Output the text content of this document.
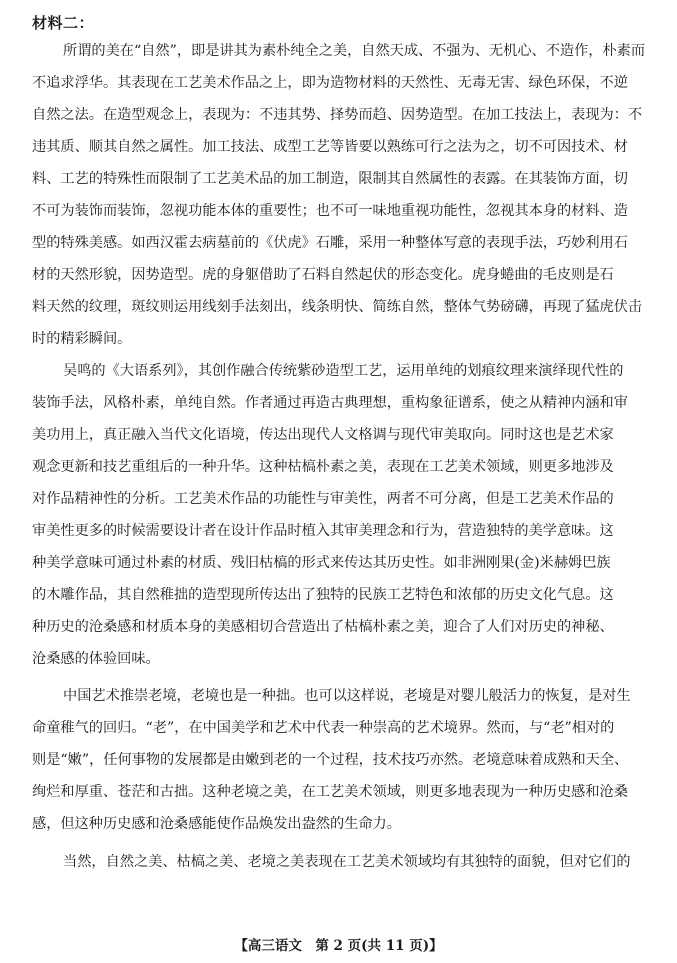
材料二：
所谓的美在“自然”，即是讲其为素朴纯全之美，自然天成、不强为、无机心、不造作，朴素而
不追求浮华。其表现在工艺美术作品之上，即为造物材料的天然性、无毒无害、绿色环保，不逆
自然之法。在造型观念上，表现为：不违其势、择势而趋、因势造型。在加工技法上，表现为：不
违其质、顺其自然之属性。加工技法、成型工艺等皆要以熟练可行之法为之，切不可因技术、材
料、工艺的特殊性而限制了工艺美术品的加工制造，限制其自然属性的表露。在其装饰方面，切
不可为装饰而装饰，忽视功能本体的重要性；也不可一味地重视功能性，忽视其本身的材料、造
型的特殊美感。如西汉霍去病墓前的《伏虎》石雕，采用一种整体写意的表现手法，巧妙利用石
材的天然形貌，因势造型。虎的身躯借助了石料自然起伏的形态变化。虎身蜷曲的毛皮则是石
料天然的纹理，斑纹则运用线刻手法刻出，线条明快、简练自然，整体气势磅礴，再现了猛虎伏击
时的精彩瞬间。
吴鸣的《大语系列》，其创作融合传统紫砂造型工艺，运用单纯的划痕纹理来演绎现代性的
装饰手法，风格朴素，单纯自然。作者通过再造古典理想，重构象征谱系，使之从精神内涵和审
美功用上，真正融入当代文化语境，传达出现代人文格调与现代审美取向。同时这也是艺术家
观念更新和技艺重组后的一种升华。这种枯槁朴素之美，表现在工艺美术领域，则更多地涉及
对作品精神性的分析。工艺美术作品的功能性与审美性，两者不可分离，但是工艺美术作品的
审美性更多的时候需要设计者在设计作品时植入其审美理念和行为，营造独特的美学意味。这
种美学意味可通过朴素的材质、残旧枯槁的形式来传达其历史性。如非洲刚果(金)米赫姆巴族
的木雕作品，其自然稚拙的造型现所传达出了独特的民族工艺特色和浓郁的历史文化气息。这
种历史的沧桑感和材质本身的美感相切合营造出了枯槁朴素之美，迎合了人们对历史的神秘、
沧桑感的体验回味。
中国艺术推崇老境，老境也是一种拙。也可以这样说，老境是对婴儿般活力的恢复，是对生
命童稚气的回归。“老”，在中国美学和艺术中代表一种崇高的艺术境界。然而，与“老”相对的
则是“嫩”，任何事物的发展都是由嫩到老的一个过程，技术技巧亦然。老境意味着成熟和天全、
绚烂和厚重、苍茫和古拙。这种老境之美，在工艺美术领域，则更多地表现为一种历史感和沧桑
感，但这种历史感和沧桑感能使作品焕发出盎然的生命力。
当然，自然之美、枯槁之美、老境之美表现在工艺美术领域均有其独特的面貌，但对它们的
【高三语文　第 2 页(共 11 页)】
